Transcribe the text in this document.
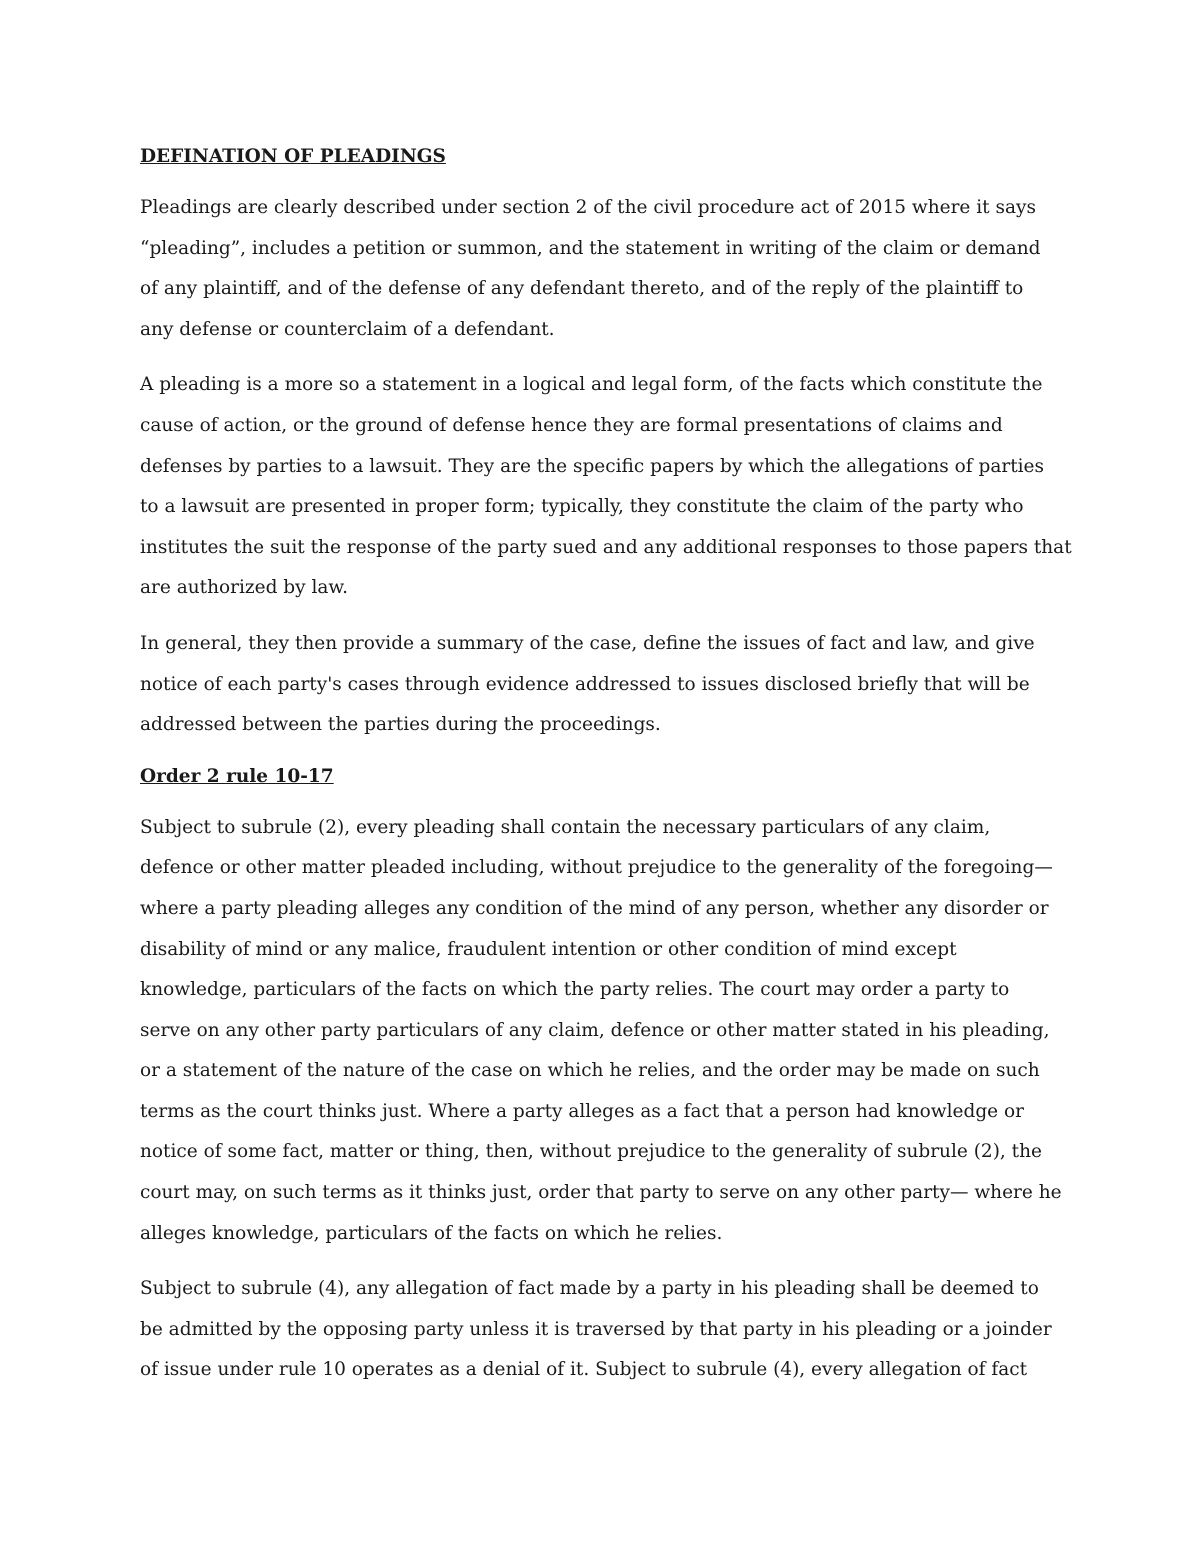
DEFINATION OF PLEADINGS
Pleadings are clearly described under section 2 of the civil procedure act of 2015 where it says
“pleading”, includes a petition or summon, and the statement in writing of the claim or demand
of any plaintiff, and of the defense of any defendant thereto, and of the reply of the plaintiff to
any defense or counterclaim of a defendant.
A pleading is a more so a statement in a logical and legal form, of the facts which constitute the
cause of action, or the ground of defense hence they are formal presentations of claims and
defenses by parties to a lawsuit. They are the specific papers by which the allegations of parties
to a lawsuit are presented in proper form; typically, they constitute the claim of the party who
institutes the suit the response of the party sued and any additional responses to those papers that
are authorized by law.
In general, they then provide a summary of the case, define the issues of fact and law, and give
notice of each party's cases through evidence addressed to issues disclosed briefly that will be
addressed between the parties during the proceedings.
Order 2 rule 10-17
Subject to subrule (2), every pleading shall contain the necessary particulars of any claim,
defence or other matter pleaded including, without prejudice to the generality of the foregoing—
where a party pleading alleges any condition of the mind of any person, whether any disorder or
disability of mind or any malice, fraudulent intention or other condition of mind except
knowledge, particulars of the facts on which the party relies. The court may order a party to
serve on any other party particulars of any claim, defence or other matter stated in his pleading,
or a statement of the nature of the case on which he relies, and the order may be made on such
terms as the court thinks just. Where a party alleges as a fact that a person had knowledge or
notice of some fact, matter or thing, then, without prejudice to the generality of subrule (2), the
court may, on such terms as it thinks just, order that party to serve on any other party— where he
alleges knowledge, particulars of the facts on which he relies.
Subject to subrule (4), any allegation of fact made by a party in his pleading shall be deemed to
be admitted by the opposing party unless it is traversed by that party in his pleading or a joinder
of issue under rule 10 operates as a denial of it. Subject to subrule (4), every allegation of fact
